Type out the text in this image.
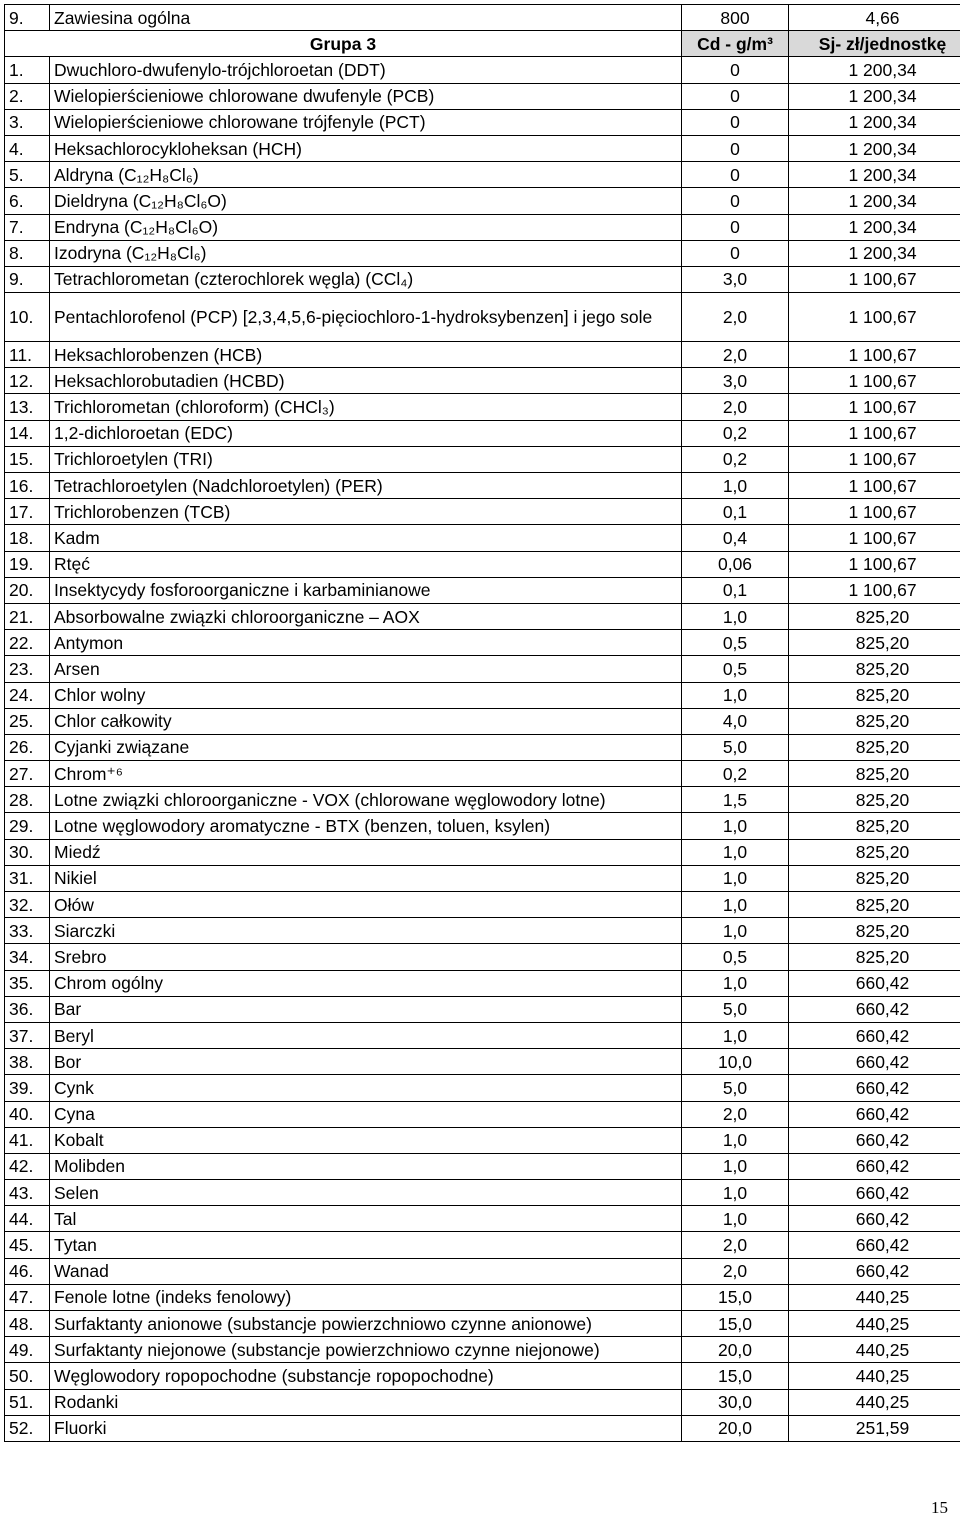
9.	Zawiesina ogólna	800	4,66
Grupa 3		Cd - g/m³	Sj- zł/jednostkę
1.	Dwuchloro-dwufenylo-trójchloroetan (DDT)	0	1 200,34
2.	Wielopierścieniowe chlorowane dwufenyle (PCB)	0	1 200,34
3.	Wielopierścieniowe chlorowane trójfenyle (PCT)	0	1 200,34
4.	Heksachlorocykloheksan (HCH)	0	1 200,34
5.	Aldryna (C₁₂H₈Cl₆)	0	1 200,34
6.	Dieldryna (C₁₂H₈Cl₆O)	0	1 200,34
7.	Endryna (C₁₂H₈Cl₆O)	0	1 200,34
8.	Izodryna (C₁₂H₈Cl₆)	0	1 200,34
9.	Tetrachlorometan (czterochlorek węgla) (CCl₄)	3,0	1 100,67
10.	Pentachlorofenol (PCP) [2,3,4,5,6-pięciochloro-1-hydroksybenzen] i jego sole	2,0	1 100,67
11.	Heksachlorobenzen (HCB)	2,0	1 100,67
12.	Heksachlorobutadien (HCBD)	3,0	1 100,67
13.	Trichlorometan (chloroform) (CHCl₃)	2,0	1 100,67
14.	1,2-dichloroetan (EDC)	0,2	1 100,67
15.	Trichloroetylen (TRI)	0,2	1 100,67
16.	Tetrachloroetylen (Nadchloroetylen) (PER)	1,0	1 100,67
17.	Trichlorobenzen (TCB)	0,1	1 100,67
18.	Kadm	0,4	1 100,67
19.	Rtęć	0,06	1 100,67
20.	Insektycydy fosforoorganiczne i karbaminianowe	0,1	1 100,67
21.	Absorbowalne związki chloroorganiczne – AOX	1,0	825,20
22.	Antymon	0,5	825,20
23.	Arsen	0,5	825,20
24.	Chlor wolny	1,0	825,20
25.	Chlor całkowity	4,0	825,20
26.	Cyjanki związane	5,0	825,20
27.	Chrom⁺⁶	0,2	825,20
28.	Lotne związki chloroorganiczne - VOX (chlorowane węglowodory lotne)	1,5	825,20
29.	Lotne węglowodory aromatyczne - BTX (benzen, toluen, ksylen)	1,0	825,20
30.	Miedź	1,0	825,20
31.	Nikiel	1,0	825,20
32.	Ołów	1,0	825,20
33.	Siarczki	1,0	825,20
34.	Srebro	0,5	825,20
35.	Chrom ogólny	1,0	660,42
36.	Bar	5,0	660,42
37.	Beryl	1,0	660,42
38.	Bor	10,0	660,42
39.	Cynk	5,0	660,42
40.	Cyna	2,0	660,42
41.	Kobalt	1,0	660,42
42.	Molibden	1,0	660,42
43.	Selen	1,0	660,42
44.	Tal	1,0	660,42
45.	Tytan	2,0	660,42
46.	Wanad	2,0	660,42
47.	Fenole lotne (indeks fenolowy)	15,0	440,25
48.	Surfaktanty anionowe (substancje powierzchniowo czynne anionowe)	15,0	440,25
49.	Surfaktanty niejonowe (substancje powierzchniowo czynne niejonowe)	20,0	440,25
50.	Węglowodory ropopochodne (substancje ropopochodne)	15,0	440,25
51.	Rodanki	30,0	440,25
52.	Fluorki	20,0	251,59
15
